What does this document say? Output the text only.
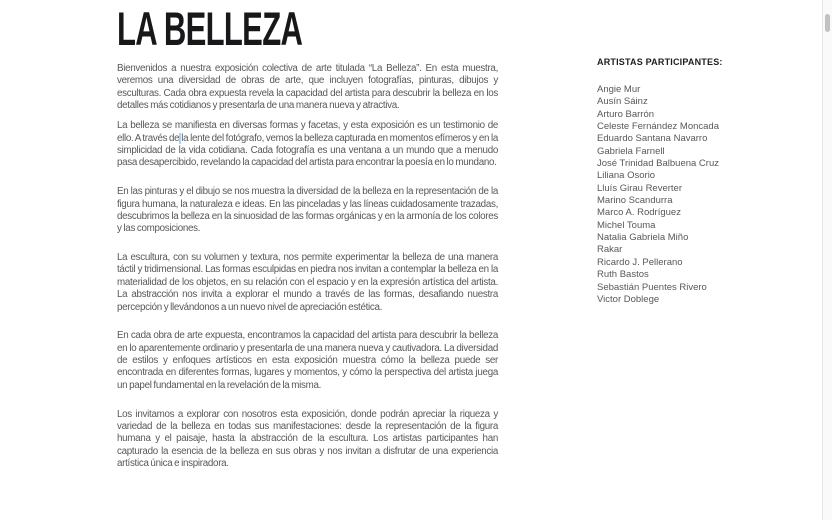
LA BELLEZA

Bienvenidos a nuestra exposición colectiva de arte titulada “La Belleza”. En esta muestra, veremos una diversidad de obras de arte, que incluyen fotografías, pinturas, dibujos y esculturas. Cada obra expuesta revela la capacidad del artista para descubrir la belleza en los detalles más cotidianos y presentarla de una manera nueva y atractiva.

La belleza se manifiesta en diversas formas y facetas, y esta exposición es un testimonio de ello. A través de la lente del fotógrafo, vemos la belleza capturada en momentos efímeros y en la simplicidad de la vida cotidiana. Cada fotografía es una ventana a un mundo que a menudo pasa desapercibido, revelando la capacidad del artista para encontrar la poesía en lo mundano.

En las pinturas y el dibujo se nos muestra la diversidad de la belleza en la representación de la figura humana, la naturaleza e ideas. En las pinceladas y las líneas cuidadosamente trazadas, descubrimos la belleza en la sinuosidad de las formas orgánicas y en la armonía de los colores y las composiciones.

La escultura, con su volumen y textura, nos permite experimentar la belleza de una manera táctil y tridimensional. Las formas esculpidas en piedra nos invitan a contemplar la belleza en la materialidad de los objetos, en su relación con el espacio y en la expresión artística del artista. La abstracción nos invita a explorar el mundo a través de las formas, desafiando nuestra percepción y llevándonos a un nuevo nivel de apreciación estética.

En cada obra de arte expuesta, encontramos la capacidad del artista para descubrir la belleza en lo aparentemente ordinario y presentarla de una manera nueva y cautivadora. La diversidad de estilos y enfoques artísticos en esta exposición muestra cómo la belleza puede ser encontrada en diferentes formas, lugares y momentos, y cómo la perspectiva del artista juega un papel fundamental en la revelación de la misma.

Los invitamos a explorar con nosotros esta exposición, donde podrán apreciar la riqueza y variedad de la belleza en todas sus manifestaciones: desde la representación de la figura humana y el paisaje, hasta la abstracción de la escultura. Los artistas participantes han capturado la esencia de la belleza en sus obras y nos invitan a disfrutar de una experiencia artística única e inspiradora.

ARTISTAS PARTICIPANTES:
Angie Mur
Ausín Sáinz
Arturo Barrón
Celeste Fernández Moncada
Eduardo Santana Navarro
Gabriela Farnell
José Trinidad Balbuena Cruz
Liliana Osorio
Lluís Girau Reverter
Marino Scandurra
Marco A. Rodríguez
Michel Touma
Natalia Gabriela Miño
Rakar
Ricardo J. Pellerano
Ruth Bastos
Sebastián Puentes Rivero
Victor Doblege
